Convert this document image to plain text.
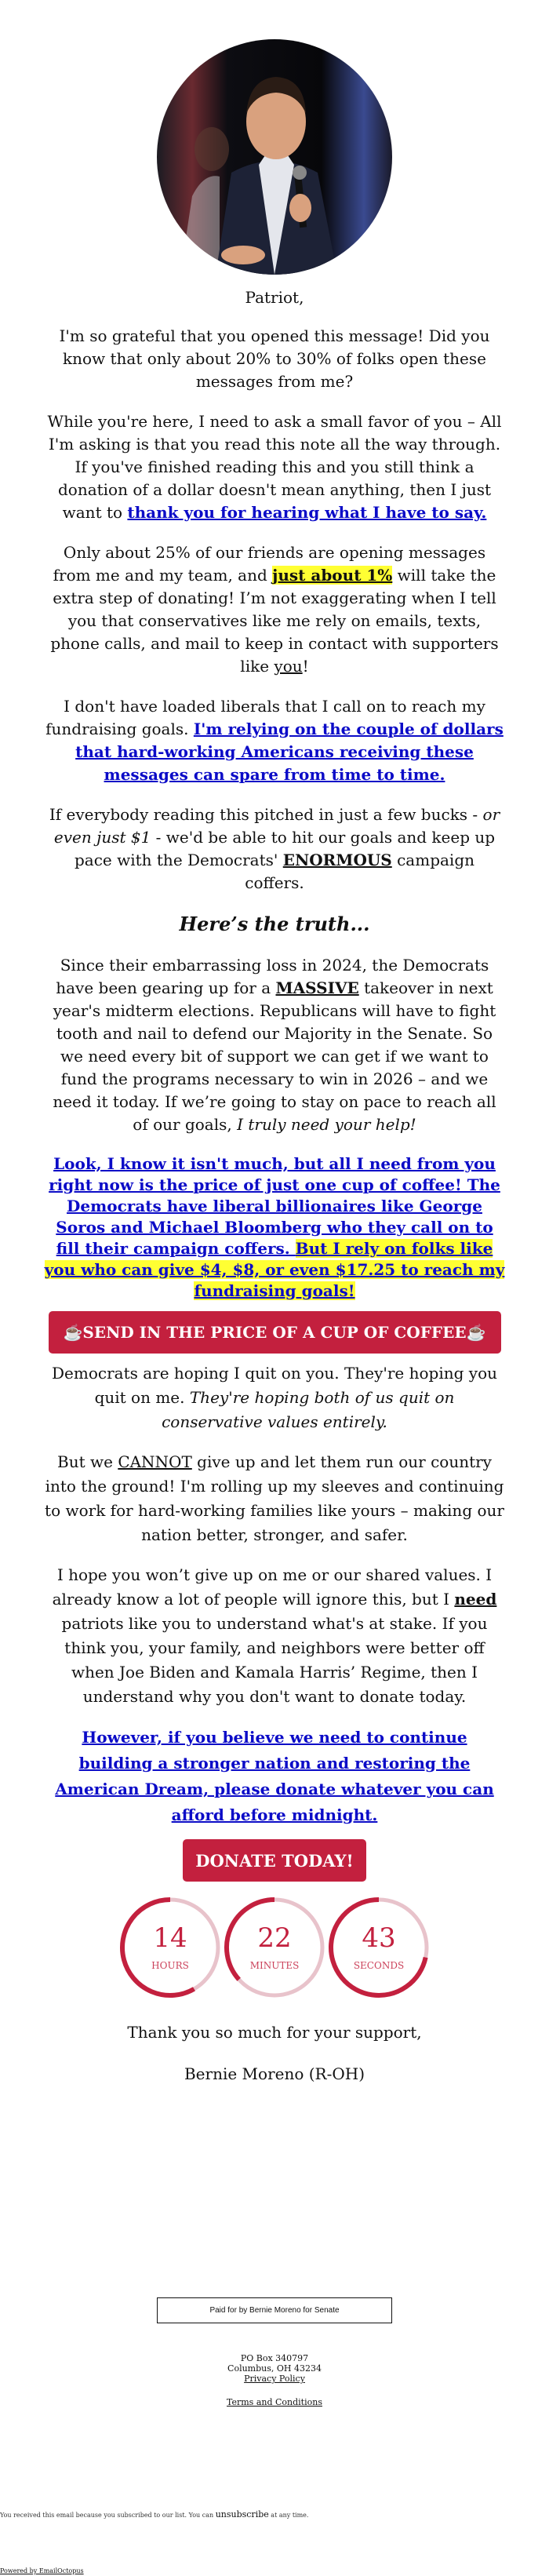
Patriot,

I'm so grateful that you opened this message! Did you know that only about 20% to 30% of folks open these messages from me?

While you're here, I need to ask a small favor of you – All I'm asking is that you read this note all the way through. If you've finished reading this and you still think a donation of a dollar doesn't mean anything, then I just want to thank you for hearing what I have to say.

Only about 25% of our friends are opening messages from me and my team, and just about 1% will take the extra step of donating! I’m not exaggerating when I tell you that conservatives like me rely on emails, texts, phone calls, and mail to keep in contact with supporters like you!

I don't have loaded liberals that I call on to reach my fundraising goals. I'm relying on the couple of dollars that hard-working Americans receiving these messages can spare from time to time.

If everybody reading this pitched in just a few bucks - or even just $1 - we'd be able to hit our goals and keep up pace with the Democrats' ENORMOUS campaign coffers.

Here’s the truth...

Since their embarrassing loss in 2024, the Democrats have been gearing up for a MASSIVE takeover in next year's midterm elections. Republicans will have to fight tooth and nail to defend our Majority in the Senate. So we need every bit of support we can get if we want to fund the programs necessary to win in 2026 – and we need it today. If we’re going to stay on pace to reach all of our goals, I truly need your help!

Look, I know it isn't much, but all I need from you right now is the price of just one cup of coffee! The Democrats have liberal billionaires like George Soros and Michael Bloomberg who they call on to fill their campaign coffers. But I rely on folks like you who can give $4, $8, or even $17.25 to reach my fundraising goals!

☕ SEND IN THE PRICE OF A CUP OF COFFEE ☕

Democrats are hoping I quit on you. They're hoping you quit on me. They're hoping both of us quit on conservative values entirely.

But we CANNOT give up and let them run our country into the ground! I'm rolling up my sleeves and continuing to work for hard-working families like yours – making our nation better, stronger, and safer.

I hope you won’t give up on me or our shared values. I already know a lot of people will ignore this, but I need patriots like you to understand what's at stake. If you think you, your family, and neighbors were better off when Joe Biden and Kamala Harris’ Regime, then I understand why you don't want to donate today.

However, if you believe we need to continue building a stronger nation and restoring the American Dream, please donate whatever you can afford before midnight.

DONATE TODAY!
14
HOURS
22
MINUTES
43
SECONDS

Thank you so much for your support,

Bernie Moreno (R-OH)

Paid for by Bernie Moreno for Senate
PO Box 340797
Columbus, OH 43234
Privacy Policy
Terms and Conditions
You received this email because you subscribed to our list. You can unsubscribe at any time.
Powered by EmailOctopus
